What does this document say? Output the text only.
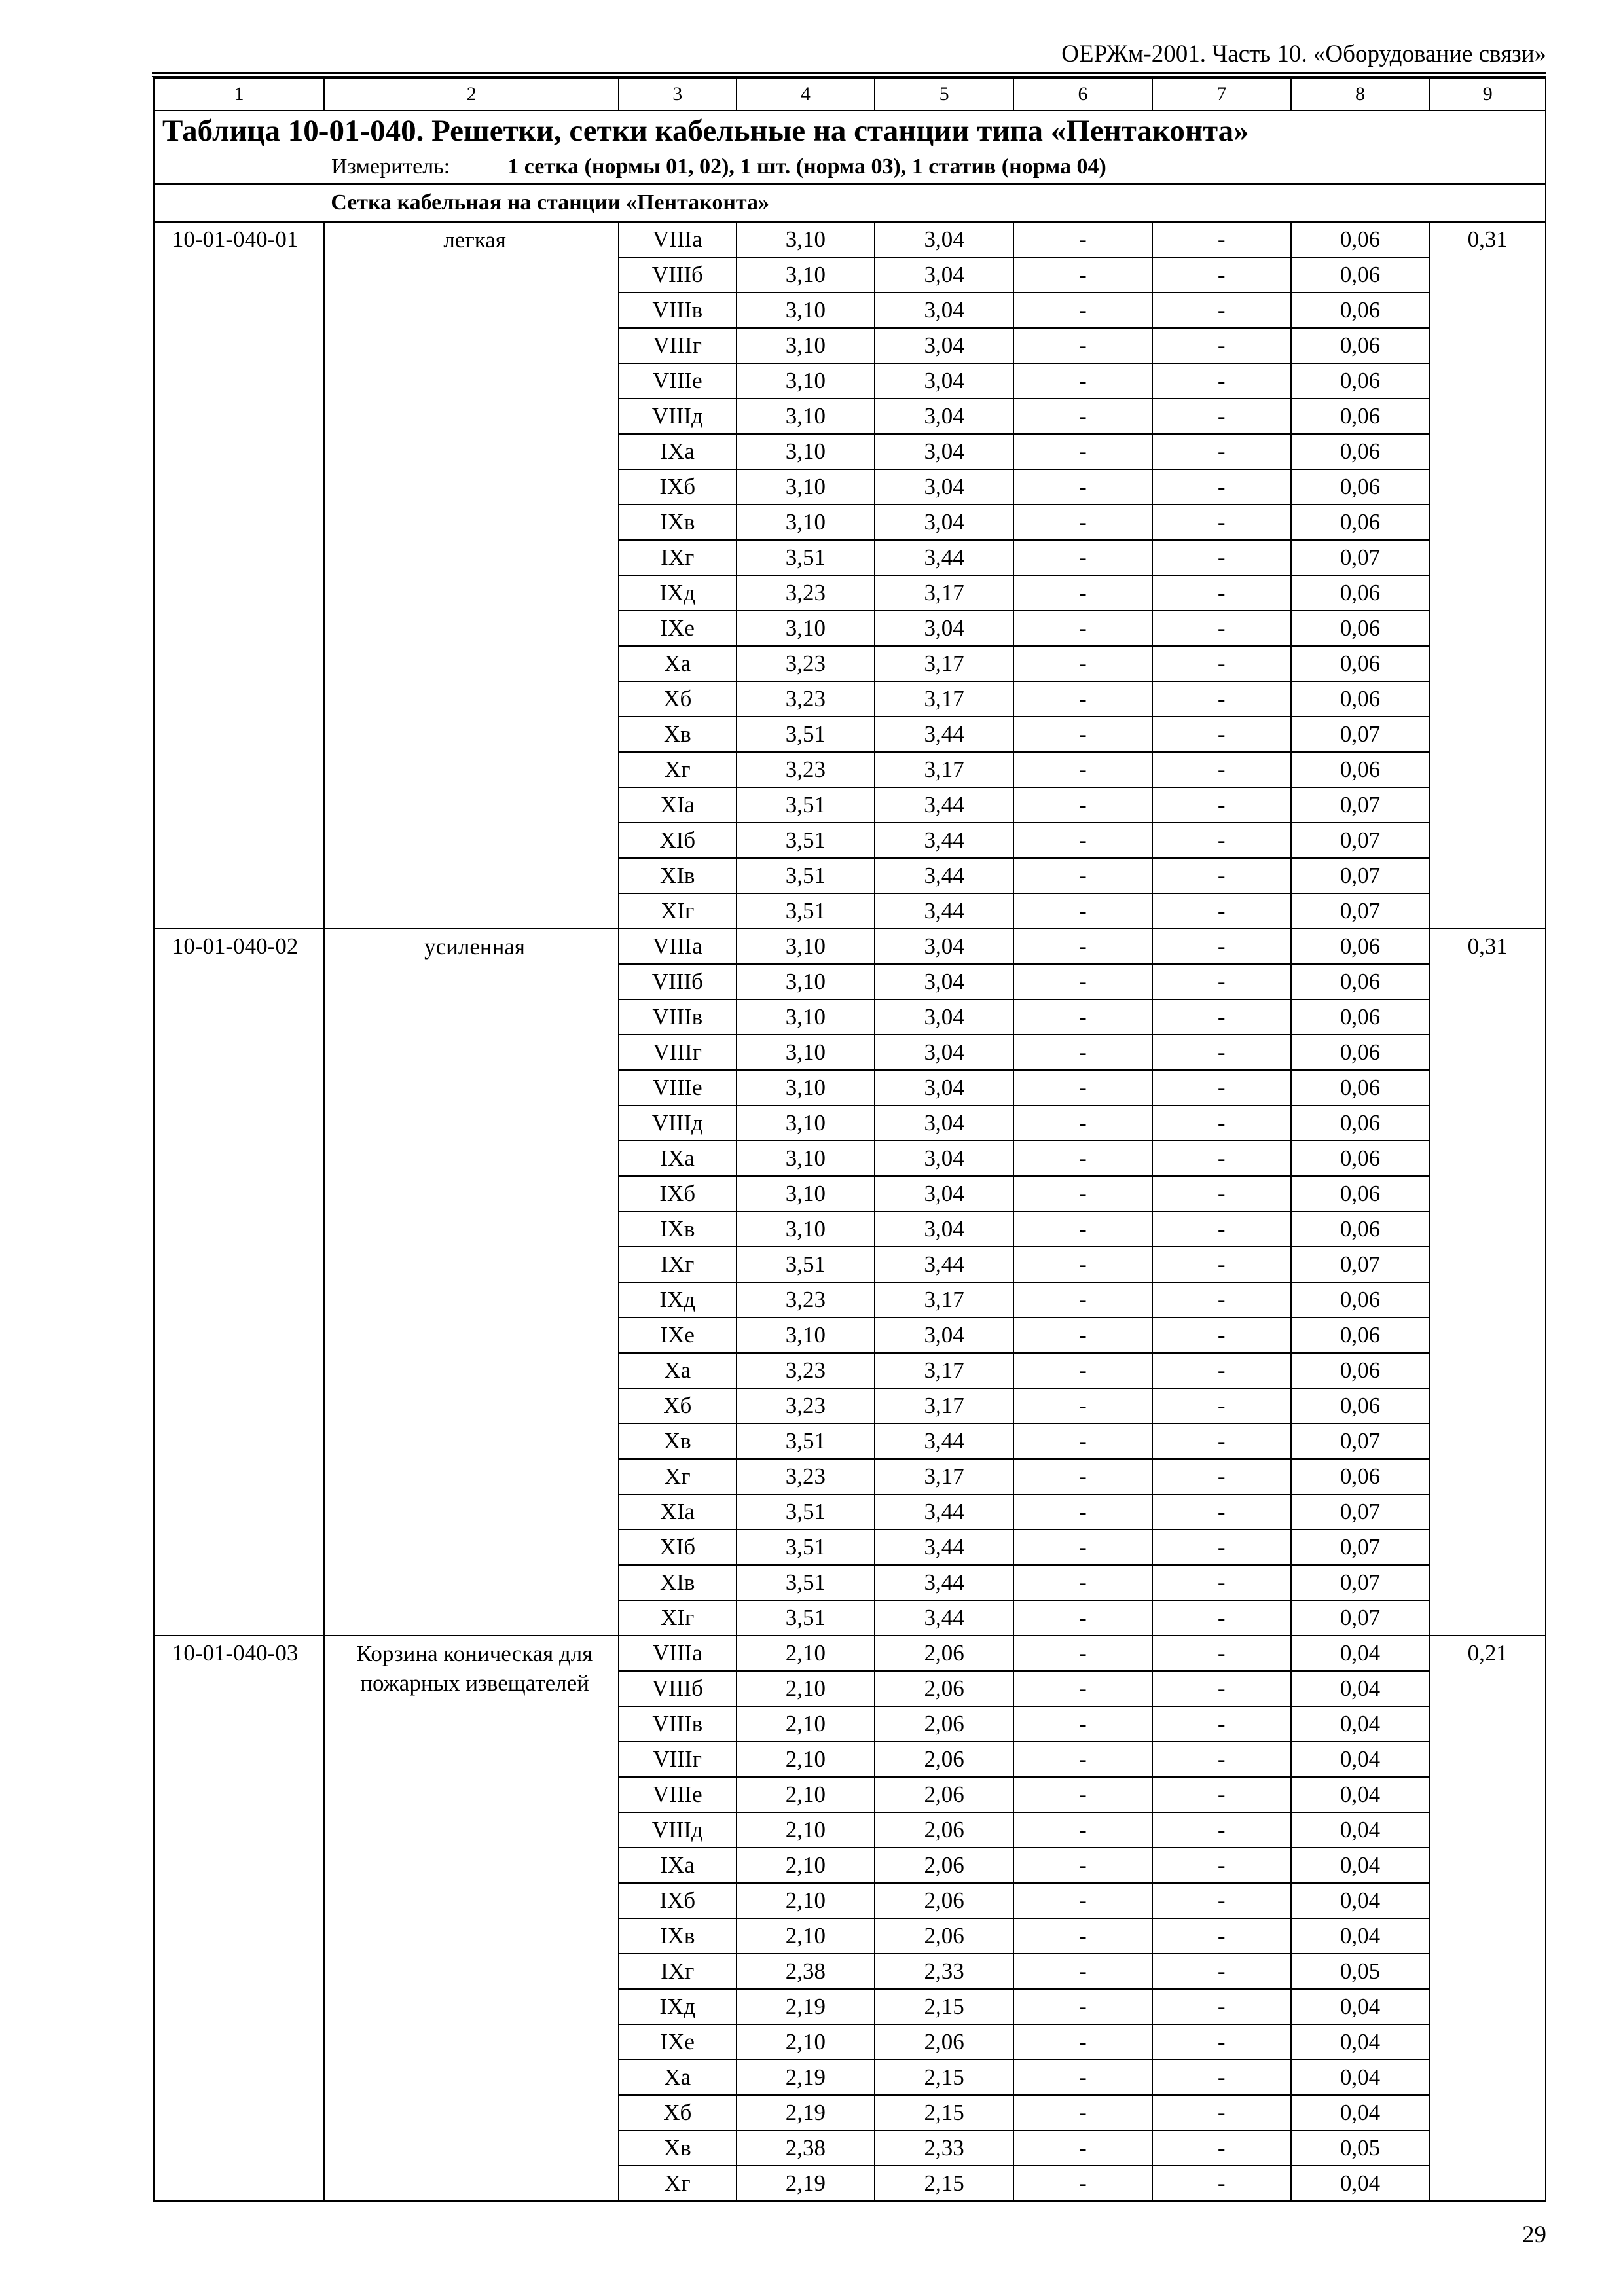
ОЕРЖм-2001. Часть 10. «Оборудование связи»
1	2	3	4	5	6	7	8	9
Таблица 10-01-040. Решетки, сетки кабельные на станции типа «Пентаконта»								
Измеритель: 1 сетка (нормы 01, 02), 1 шт. (норма 03), 1 статив (норма 04)								
	Сетка кабельная на станции «Пентаконта»							
10-01-040-01	легкая	VIIIа	3,10	3,04	-	-	0,06	0,31
		VIIIб	3,10	3,04	-	-	0,06	
		VIIIв	3,10	3,04	-	-	0,06	
		VIIIг	3,10	3,04	-	-	0,06	
		VIIIе	3,10	3,04	-	-	0,06	
		VIIIд	3,10	3,04	-	-	0,06	
		IXа	3,10	3,04	-	-	0,06	
		IXб	3,10	3,04	-	-	0,06	
		IXв	3,10	3,04	-	-	0,06	
		IXг	3,51	3,44	-	-	0,07	
		IXд	3,23	3,17	-	-	0,06	
		IXе	3,10	3,04	-	-	0,06	
		Xа	3,23	3,17	-	-	0,06	
		Xб	3,23	3,17	-	-	0,06	
		Xв	3,51	3,44	-	-	0,07	
		Xг	3,23	3,17	-	-	0,06	
		XIа	3,51	3,44	-	-	0,07	
		XIб	3,51	3,44	-	-	0,07	
		XIв	3,51	3,44	-	-	0,07	
		XIг	3,51	3,44	-	-	0,07	
10-01-040-02	усиленная	VIIIа	3,10	3,04	-	-	0,06	0,31
		VIIIб	3,10	3,04	-	-	0,06	
		VIIIв	3,10	3,04	-	-	0,06	
		VIIIг	3,10	3,04	-	-	0,06	
		VIIIе	3,10	3,04	-	-	0,06	
		VIIIд	3,10	3,04	-	-	0,06	
		IXа	3,10	3,04	-	-	0,06	
		IXб	3,10	3,04	-	-	0,06	
		IXв	3,10	3,04	-	-	0,06	
		IXг	3,51	3,44	-	-	0,07	
		IXд	3,23	3,17	-	-	0,06	
		IXе	3,10	3,04	-	-	0,06	
		Xа	3,23	3,17	-	-	0,06	
		Xб	3,23	3,17	-	-	0,06	
		Xв	3,51	3,44	-	-	0,07	
		Xг	3,23	3,17	-	-	0,06	
		XIа	3,51	3,44	-	-	0,07	
		XIб	3,51	3,44	-	-	0,07	
		XIв	3,51	3,44	-	-	0,07	
		XIг	3,51	3,44	-	-	0,07	
10-01-040-03	Корзина коническая для пожарных извещателей	VIIIа	2,10	2,06	-	-	0,04	0,21
		VIIIб	2,10	2,06	-	-	0,04	
		VIIIв	2,10	2,06	-	-	0,04	
		VIIIг	2,10	2,06	-	-	0,04	
		VIIIе	2,10	2,06	-	-	0,04	
		VIIIд	2,10	2,06	-	-	0,04	
		IXа	2,10	2,06	-	-	0,04	
		IXб	2,10	2,06	-	-	0,04	
		IXв	2,10	2,06	-	-	0,04	
		IXг	2,38	2,33	-	-	0,05	
		IXд	2,19	2,15	-	-	0,04	
		IXе	2,10	2,06	-	-	0,04	
		Xа	2,19	2,15	-	-	0,04	
		Xб	2,19	2,15	-	-	0,04	
		Xв	2,38	2,33	-	-	0,05	
		Xг	2,19	2,15	-	-	0,04	
29
